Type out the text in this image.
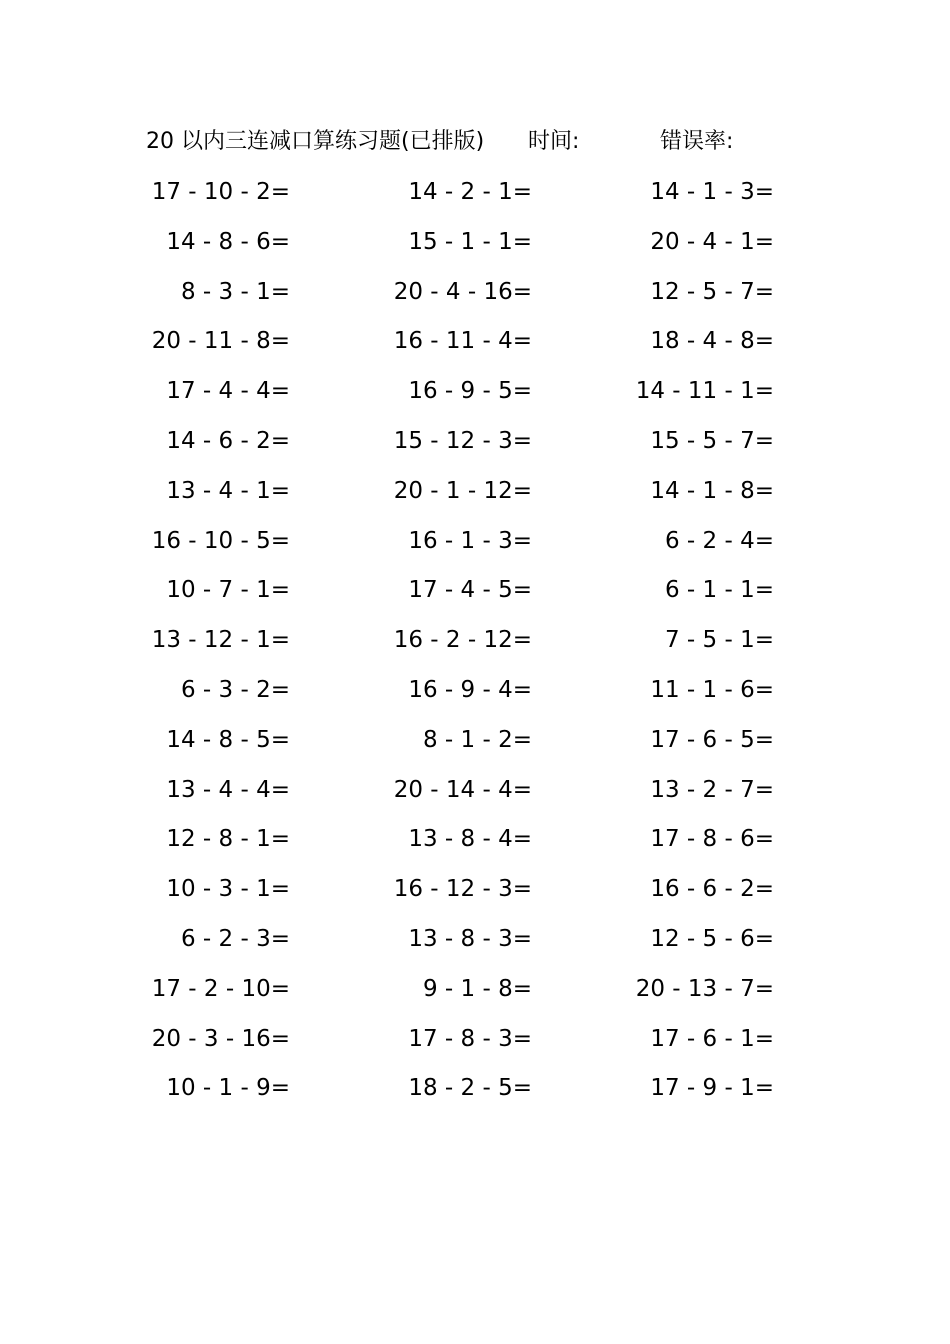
20 以内三连减口算练习题(已排版) 时间:	错误率:
17 - 10 - 2=	14 - 2 - 1=	14 - 1 - 3=
14 - 8 - 6=	15 - 1 - 1=	20 - 4 - 1=
8 - 3 - 1=	20 - 4 - 16=	12 - 5 - 7=
20 - 11 - 8=	16 - 11 - 4=	18 - 4 - 8=
17 - 4 - 4=	16 - 9 - 5=	14 - 11 - 1=
14 - 6 - 2=	15 - 12 - 3=	15 - 5 - 7=
13 - 4 - 1=	20 - 1 - 12=	14 - 1 - 8=
16 - 10 - 5=	16 - 1 - 3=	6 - 2 - 4=
10 - 7 - 1=	17 - 4 - 5=	6 - 1 - 1=
13 - 12 - 1=	16 - 2 - 12=	7 - 5 - 1=
6 - 3 - 2=	16 - 9 - 4=	11 - 1 - 6=
14 - 8 - 5=	8 - 1 - 2=	17 - 6 - 5=
13 - 4 - 4=	20 - 14 - 4=	13 - 2 - 7=
12 - 8 - 1=	13 - 8 - 4=	17 - 8 - 6=
10 - 3 - 1=	16 - 12 - 3=	16 - 6 - 2=
6 - 2 - 3=	13 - 8 - 3=	12 - 5 - 6=
17 - 2 - 10=	9 - 1 - 8=	20 - 13 - 7=
20 - 3 - 16=	17 - 8 - 3=	17 - 6 - 1=
10 - 1 - 9=	18 - 2 - 5=	17 - 9 - 1=
